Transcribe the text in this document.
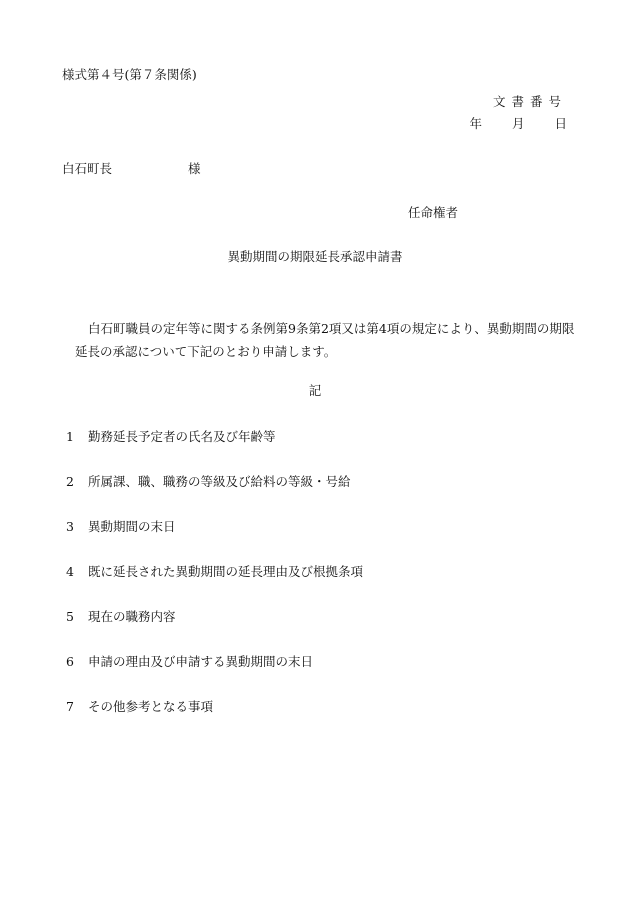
様式第４号(第７条関係)
文書番号
年 月 日
白石町長	様
任命権者
異動期間の期限延長承認申請書
白石町職員の定年等に関する条例第9条第2項又は第4項の規定により、異動期間の期限
延長の承認について下記のとおり申請します。
記
1 勤務延長予定者の氏名及び年齢等
2 所属課、職、職務の等級及び給料の等級・号給
3 異動期間の末日
4 既に延長された異動期間の延長理由及び根拠条項
5 現在の職務内容
6 申請の理由及び申請する異動期間の末日
7 その他参考となる事項
